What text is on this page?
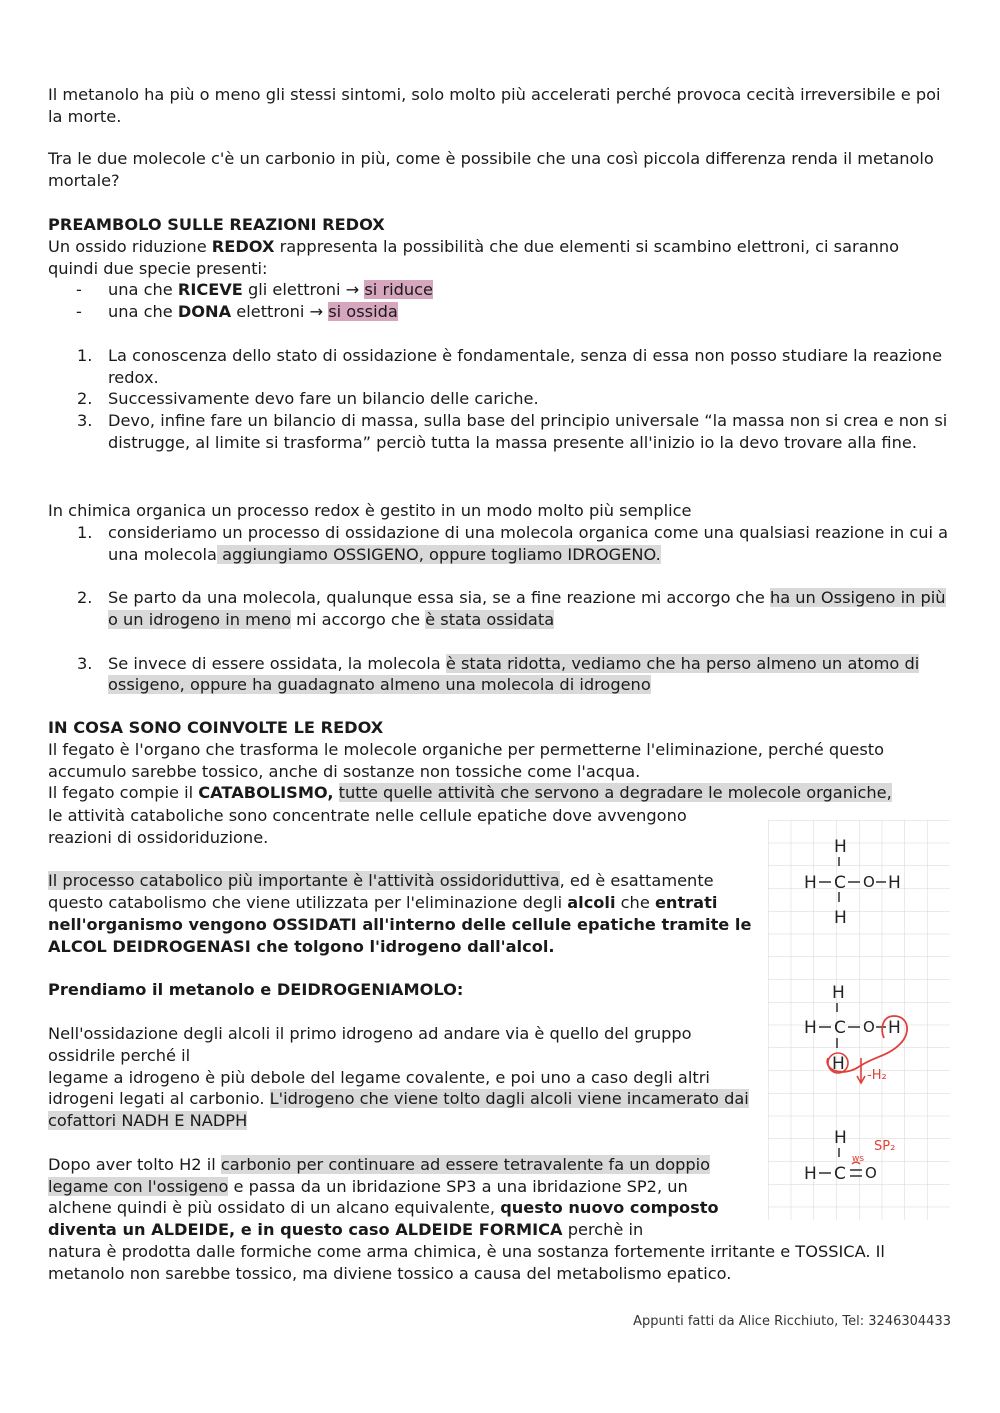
Il metanolo ha più o meno gli stessi sintomi, solo molto più accelerati perché provoca cecità irreversibile e poi la morte.

Tra le due molecole c'è un carbonio in più, come è possibile che una così piccola differenza renda il metanolo mortale?

PREAMBOLO SULLE REAZIONI REDOX

Un ossido riduzione REDOX rappresenta la possibilità che due elementi si scambino elettroni, ci saranno quindi due specie presenti:

- una che RICEVE gli elettroni → si riduce
- una che DONA elettroni → si ossida
1. La conoscenza dello stato di ossidazione è fondamentale, senza di essa non posso studiare la reazione redox.
2. Successivamente devo fare un bilancio delle cariche.
3. Devo, infine fare un bilancio di massa, sulla base del principio universale “la massa non si crea e non si distrugge, al limite si trasforma” perciò tutta la massa presente all'inizio io la devo trovare alla fine.

In chimica organica un processo redox è gestito in un modo molto più semplice

1. consideriamo un processo di ossidazione di una molecola organica come una qualsiasi reazione in cui a una molecola aggiungiamo OSSIGENO, oppure togliamo IDROGENO.
2. Se parto da una molecola, qualunque essa sia, se a fine reazione mi accorgo che ha un Ossigeno in più o un idrogeno in meno mi accorgo che è stata ossidata
3. Se invece di essere ossidata, la molecola è stata ridotta, vediamo che ha perso almeno un atomo di ossigeno, oppure ha guadagnato almeno una molecola di idrogeno

IN COSA SONO COINVOLTE LE REDOX

Il fegato è l'organo che trasforma le molecole organiche per permetterne l'eliminazione, perché questo accumulo sarebbe tossico, anche di sostanze non tossiche come l'acqua.

Il fegato compie il CATABOLISMO, tutte quelle attività che servono a degradare le molecole organiche,

le attività cataboliche sono concentrate nelle cellule epatiche dove avvengono reazioni di ossidoriduzione.

Il processo catabolico più importante è l'attività ossidoriduttiva, ed è esattamente questo catabolismo che viene utilizzata per l'eliminazione degli alcoli che entrati nell'organismo vengono OSSIDATI all'interno delle cellule epatiche tramite le ALCOL DEIDROGENASI che tolgono l'idrogeno dall'alcol.

Prendiamo il metanolo e DEIDROGENIAMOLO:

Nell'ossidazione degli alcoli il primo idrogeno ad andare via è quello del gruppo ossidrile perché il

legame a idrogeno è più debole del legame covalente, e poi uno a caso degli altri idrogeni legati al carbonio. L'idrogeno che viene tolto dagli alcoli viene incamerato dai cofattori NADH E NADPH

Dopo aver tolto H2 il carbonio per continuare ad essere tetravalente fa un doppio legame con l'ossigeno e passa da un ibridazione SP3 a una ibridazione SP2, un alchene quindi è più ossidato di un alcano equivalente, questo nuovo composto diventa un ALDEIDE, e in questo caso ALDEIDE FORMICA perchè in

natura è prodotta dalle formiche come arma chimica, è una sostanza fortemente irritante e TOSSICA. Il metanolo non sarebbe tossico, ma diviene tossico a causa del metabolismo epatico.

H
H C O H
H
H
H C O H
H
-H₂
H
H C O
ws
SP₂

Appunti fatti da Alice Ricchiuto, Tel: 3246304433
